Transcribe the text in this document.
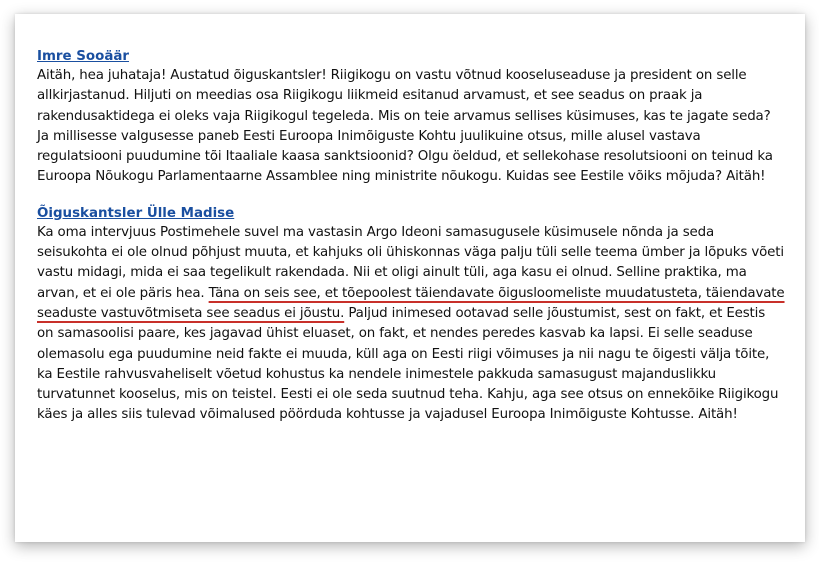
Imre Sooäär

Aitäh, hea juhataja! Austatud õiguskantsler! Riigikogu on vastu võtnud kooseluseaduse ja president on selle allkirjastanud. Hiljuti on meedias osa Riigikogu liikmeid esitanud arvamust, et see seadus on praak ja rakendusaktidega ei oleks vaja Riigikogul tegeleda. Mis on teie arvamus sellises küsimuses, kas te jagate seda? Ja millisesse valgusesse paneb Eesti Euroopa Inimõiguste Kohtu juulikuine otsus, mille alusel vastava regulatsiooni puudumine tõi Itaaliale kaasa sanktsioonid? Olgu öeldud, et sellekohase resolutsiooni on teinud ka Euroopa Nõukogu Parlamentaarne Assamblee ning ministrite nõukogu. Kuidas see Eestile võiks mõjuda? Aitäh!

Õiguskantsler Ülle Madise

Ka oma intervjuus Postimehele suvel ma vastasin Argo Ideoni samasugusele küsimusele nõnda ja seda seisukohta ei ole olnud põhjust muuta, et kahjuks oli ühiskonnas väga palju tüli selle teema ümber ja lõpuks võeti vastu midagi, mida ei saa tegelikult rakendada. Nii et oligi ainult tüli, aga kasu ei olnud. Selline praktika, ma arvan, et ei ole päris hea. Täna on seis see, et tõepoolest täiendavate õigusloomeliste muudatusteta, täiendavate seaduste vastuvõtmiseta see seadus ei jõustu. Paljud inimesed ootavad selle jõustumist, sest on fakt, et Eestis on samasoolisi paare, kes jagavad ühist eluaset, on fakt, et nendes peredes kasvab ka lapsi. Ei selle seaduse olemasolu ega puudumine neid fakte ei muuda, küll aga on Eesti riigi võimuses ja nii nagu te õigesti välja tõite, ka Eestile rahvusvaheliselt võetud kohustus ka nendele inimestele pakkuda samasugust majanduslikku turvatunnet kooselus, mis on teistel. Eesti ei ole seda suutnud teha. Kahju, aga see otsus on ennekõike Riigikogu käes ja alles siis tulevad võimalused pöörduda kohtusse ja vajadusel Euroopa Inimõiguste Kohtusse. Aitäh!
